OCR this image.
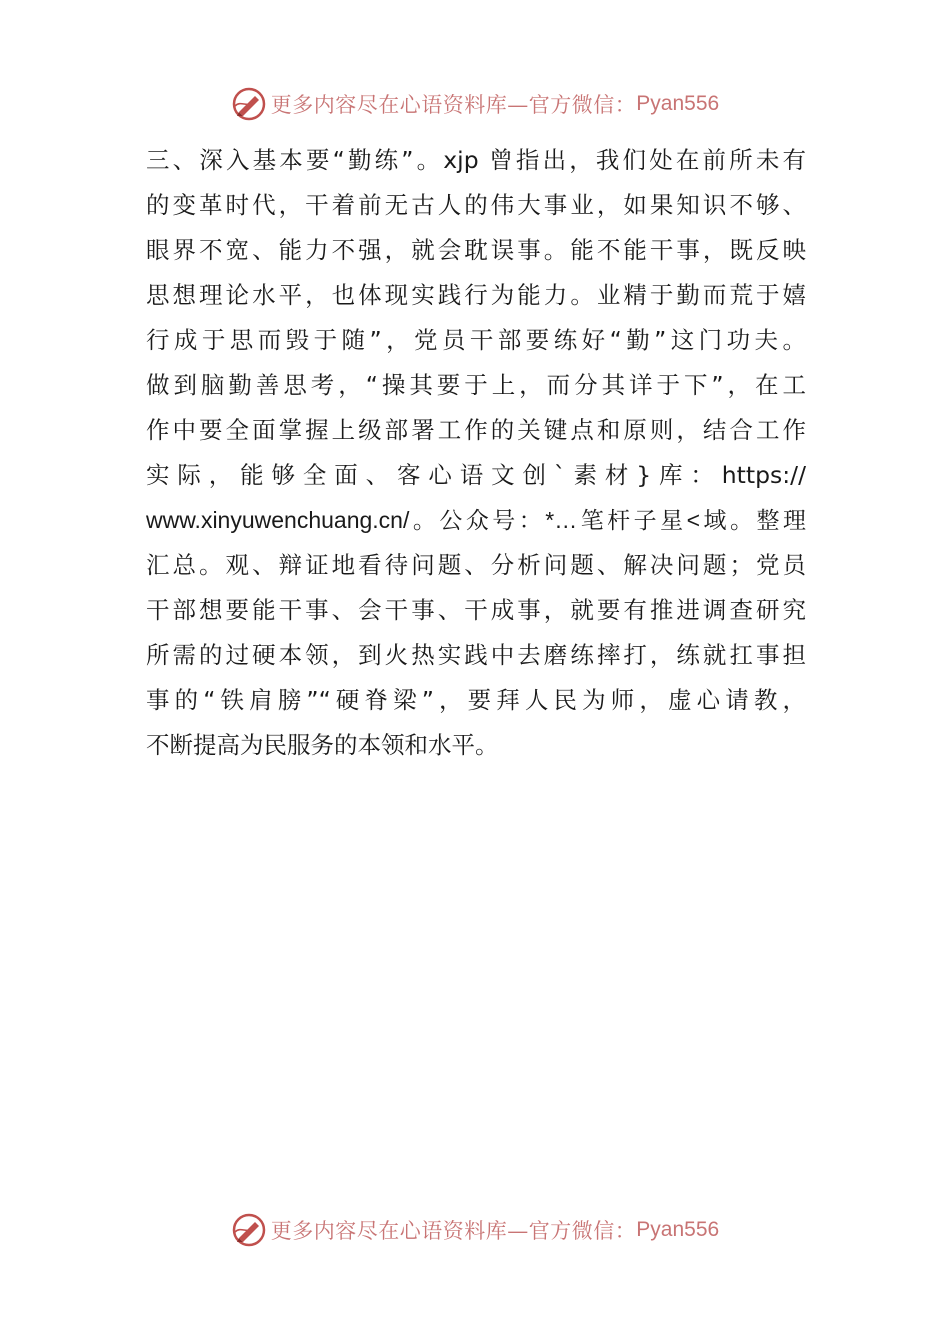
更多内容尽在心语资料库—官方微信： Pyan556
三、深入基本要“勤练”。xjp 曾指出，我们处在前所未有
的变革时代，干着前无古人的伟大事业，如果知识不够、
眼界不宽、能力不强，就会耽误事。能不能干事，既反映
思想理论水平，也体现实践行为能力。业精于勤而荒于嬉
行成于思而毁于随”，党员干部要练好“勤”这门功夫。
做到脑勤善思考，“操其要于上，而分其详于下”，在工
作中要全面掌握上级部署工作的关键点和原则，结合工作
实际，能够全面、客心语文创`素材}库：https://
www.xinyuwenchuang.cn/。公众号：*…笔杆子星<域。整理
汇总。观、辩证地看待问题、分析问题、解决问题；党员
干部想要能干事、会干事、干成事，就要有推进调查研究
所需的过硬本领，到火热实践中去磨练摔打，练就扛事担
事的“铁肩膀”“硬脊梁”，要拜人民为师，虚心请教，
不断提高为民服务的本领和水平。
更多内容尽在心语资料库—官方微信： Pyan556
